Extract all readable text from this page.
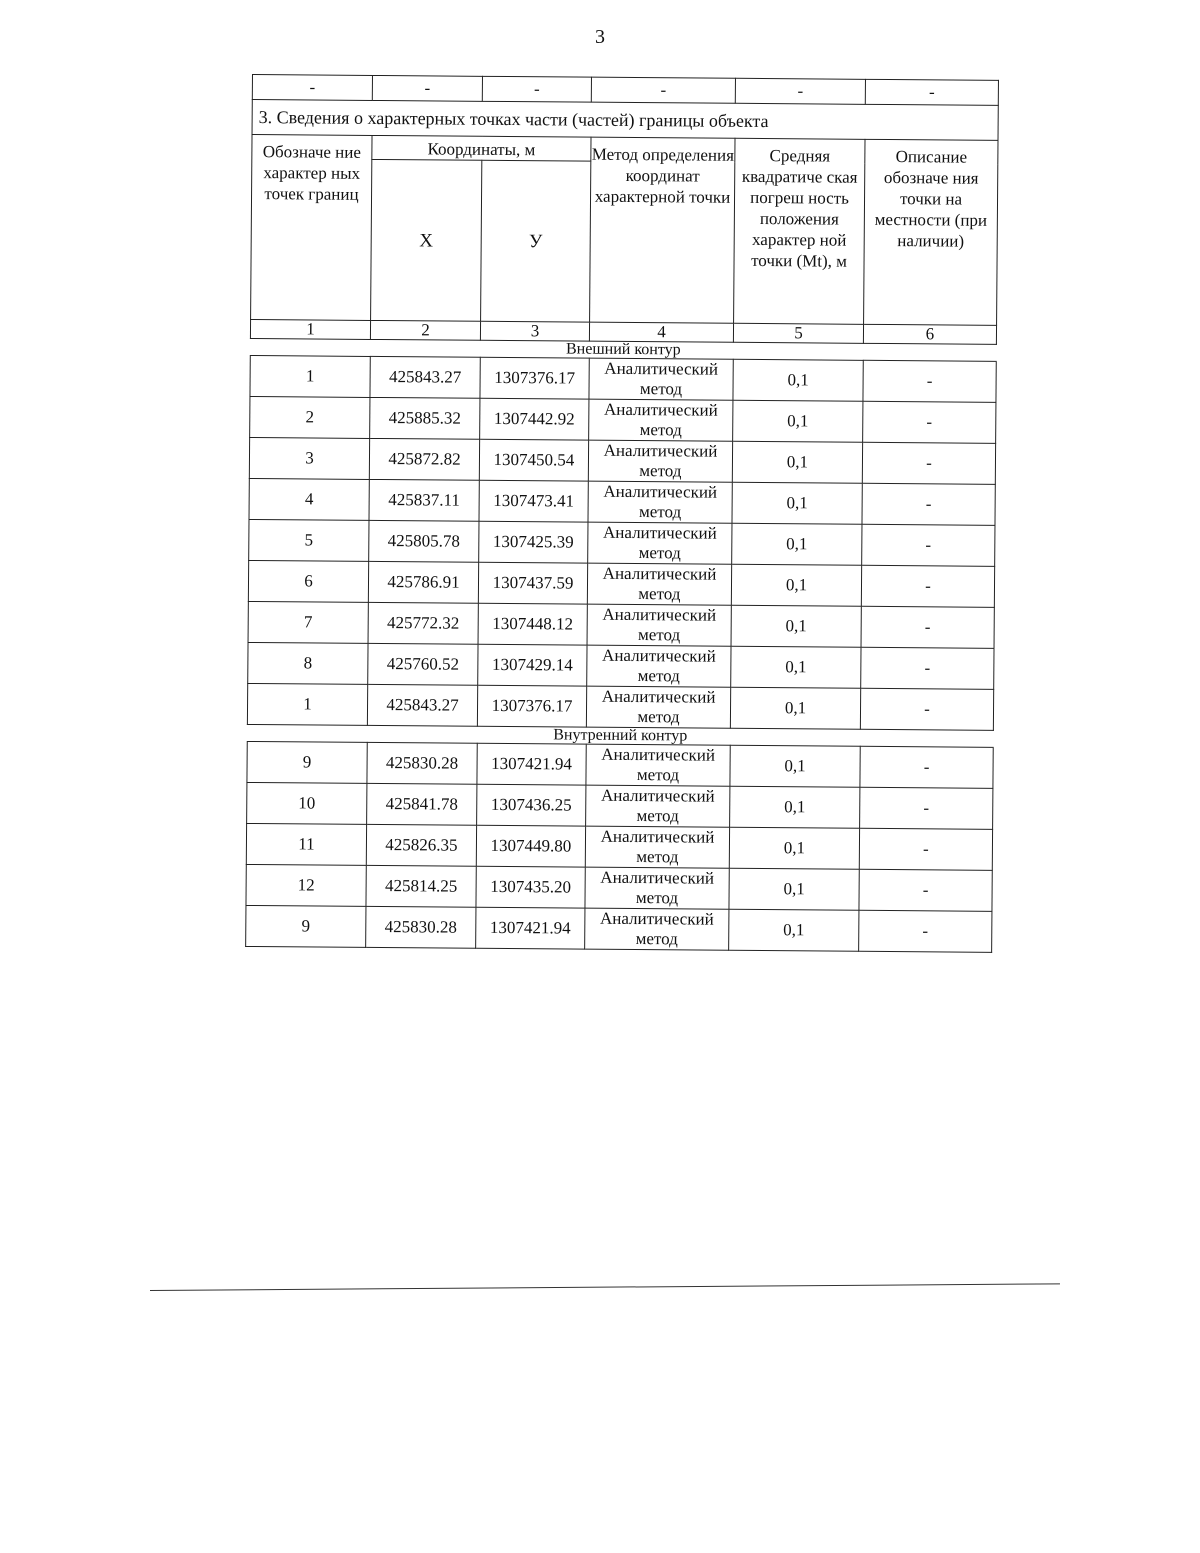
3
-	-	-	-	-	-
3. Сведения о характерных точках части (частей) границы объекта					
Обозначе ние характер ных точек границ	Координаты, м		Метод определения координат характерной точки	Средняя квадратиче ская погреш ность положения характер ной точки (Mt), м	Описание обозначе ния точки на местности (при наличии)
	Х	У			
1	2	3	4	5	6
Внешний контур					
1	425843.27	1307376.17	Аналитический метод	0,1	-
2	425885.32	1307442.92	Аналитический метод	0,1	-
3	425872.82	1307450.54	Аналитический метод	0,1	-
4	425837.11	1307473.41	Аналитический метод	0,1	-
5	425805.78	1307425.39	Аналитический метод	0,1	-
6	425786.91	1307437.59	Аналитический метод	0,1	-
7	425772.32	1307448.12	Аналитический метод	0,1	-
8	425760.52	1307429.14	Аналитический метод	0,1	-
1	425843.27	1307376.17	Аналитический метод	0,1	-
Внутренний контур					
9	425830.28	1307421.94	Аналитический метод	0,1	-
10	425841.78	1307436.25	Аналитический метод	0,1	-
11	425826.35	1307449.80	Аналитический метод	0,1	-
12	425814.25	1307435.20	Аналитический метод	0,1	-
9	425830.28	1307421.94	Аналитический метод	0,1	-
